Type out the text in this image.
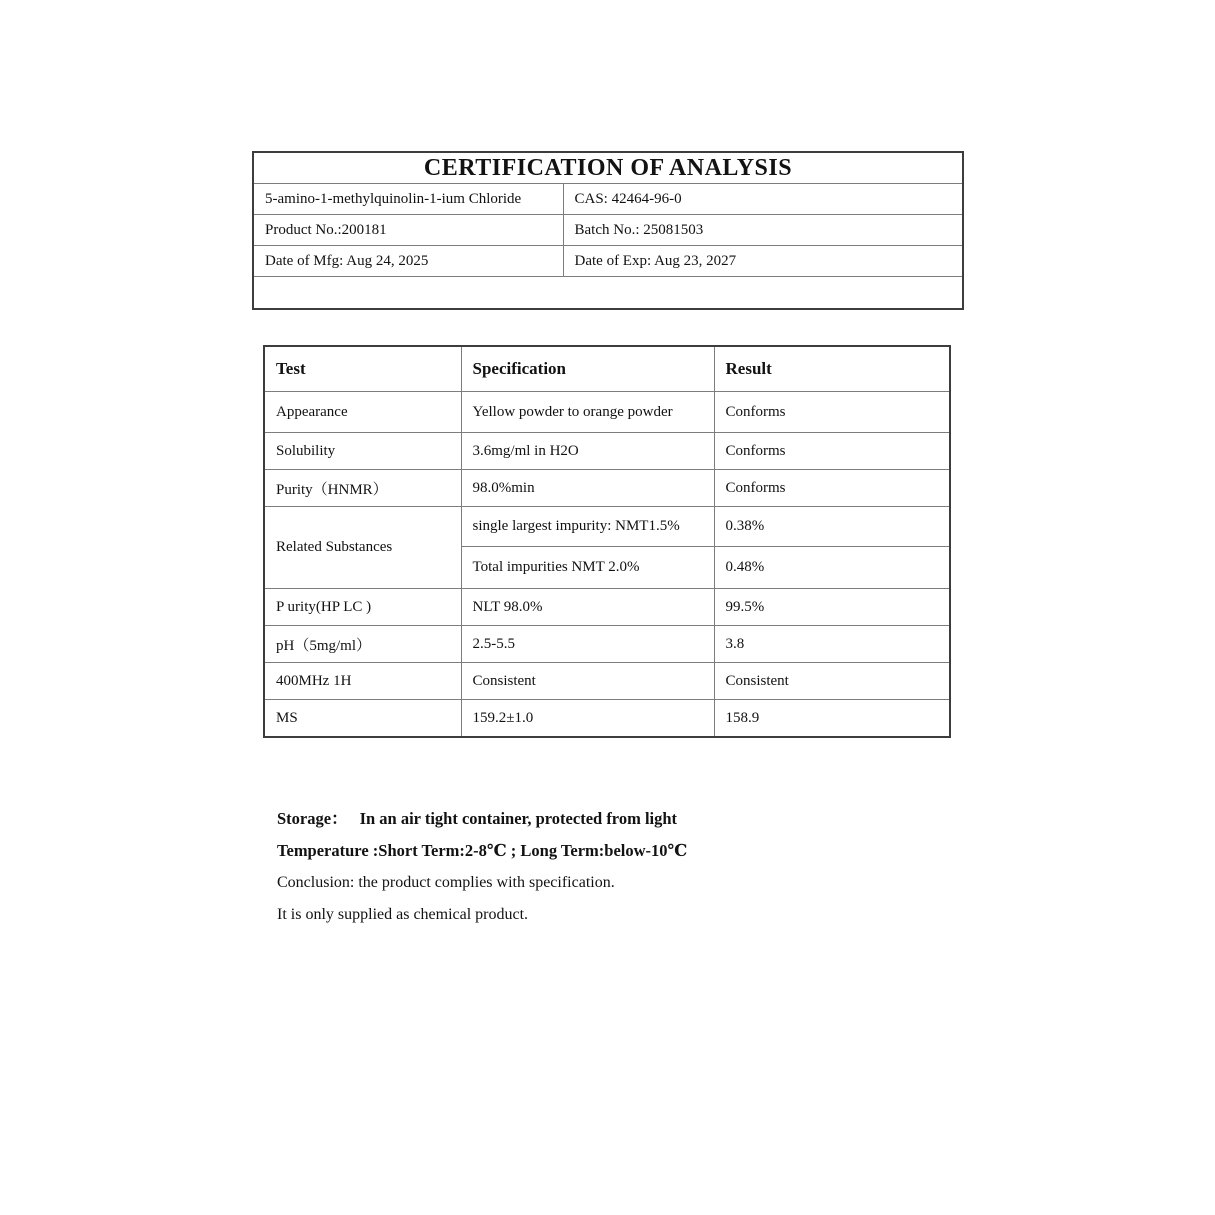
CERTIFICATION OF ANALYSIS	
5-amino-1-methylquinolin-1-ium Chloride	CAS: 42464-96-0
Product No.:200181	Batch No.: 25081503
Date of Mfg: Aug 24, 2025	Date of Exp: Aug 23, 2027

Test	Specification	Result
Appearance	Yellow powder to orange powder	Conforms
Solubility	3.6mg/ml in H2O	Conforms
Purity（HNMR）	98.0%min	Conforms
Related Substances	single largest impurity: NMT1.5%	0.38%
	Total impurities NMT 2.0%	0.48%
P urity(HP LC )	NLT 98.0%	99.5%
pH（5mg/ml）	2.5-5.5	3.8
400MHz 1H	Consistent	Consistent
MS	159.2±1.0	158.9

Storage： In an air tight container, protected from light

Temperature :Short Term:2-8℃ ; Long Term:below-10℃

Conclusion: the product complies with specification.

It is only supplied as chemical product.
